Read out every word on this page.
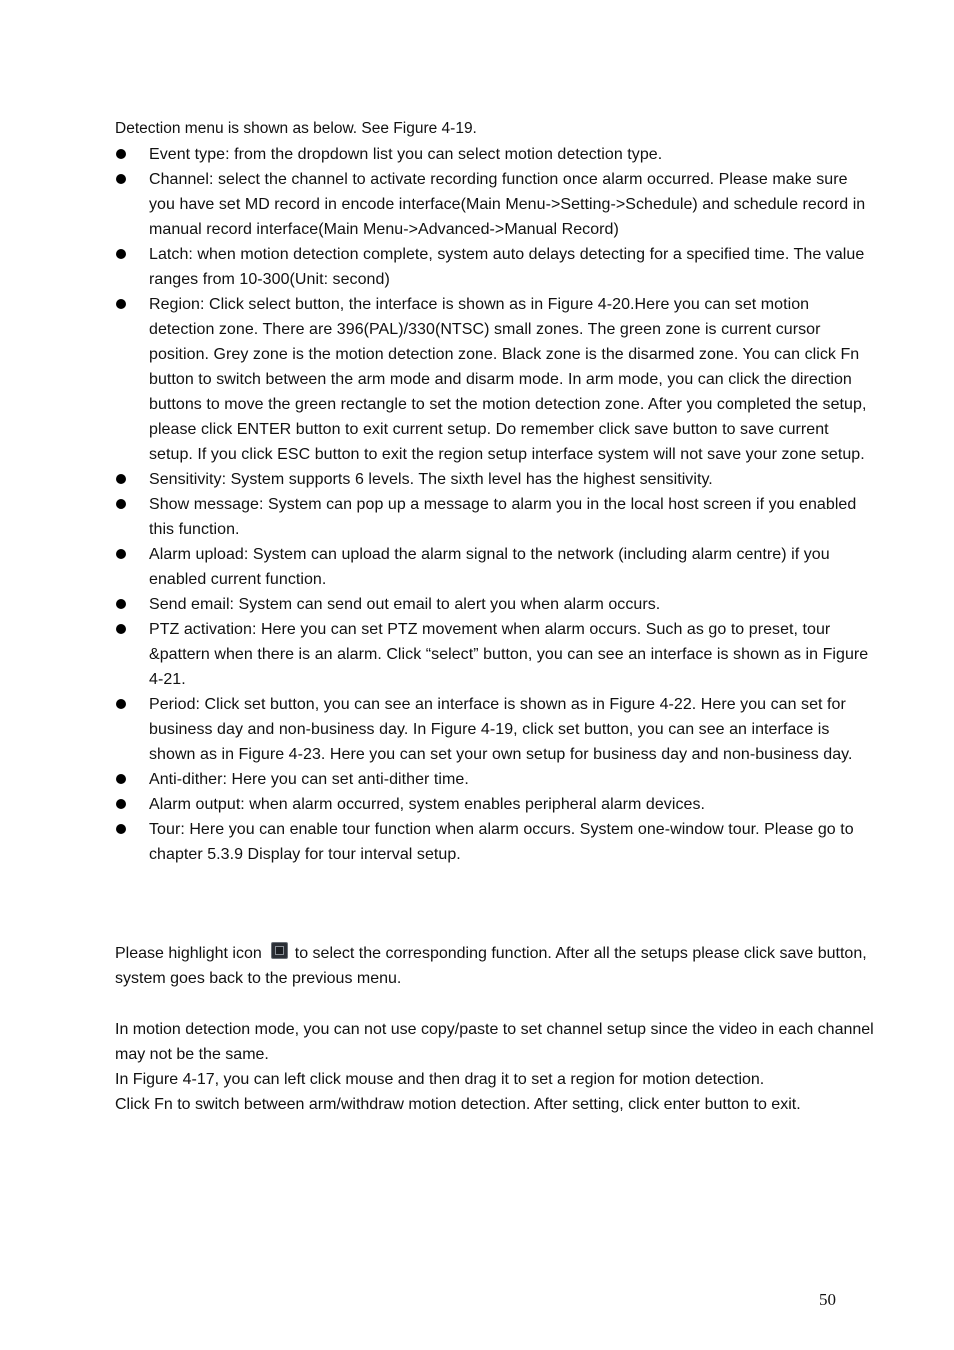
Detection menu is shown as below. See Figure 4-19.

Event type: from the dropdown list you can select motion detection type.
Channel: select the channel to activate recording function once alarm occurred. Please make sure you have set MD record in encode interface(Main Menu->Setting->Schedule) and schedule record in manual record interface(Main Menu->Advanced->Manual Record)
Latch: when motion detection complete, system auto delays detecting for a specified time. The value ranges from 10-300(Unit: second)
Region: Click select button, the interface is shown as in Figure 4-20.Here you can set motion detection zone. There are 396(PAL)/330(NTSC) small zones. The green zone is current cursor position. Grey zone is the motion detection zone. Black zone is the disarmed zone. You can click Fn button to switch between the arm mode and disarm mode. In arm mode, you can click the direction buttons to move the green rectangle to set the motion detection zone. After you completed the setup, please click ENTER button to exit current setup. Do remember click save button to save current setup. If you click ESC button to exit the region setup interface system will not save your zone setup.
Sensitivity: System supports 6 levels. The sixth level has the highest sensitivity.
Show message: System can pop up a message to alarm you in the local host screen if you enabled this function.
Alarm upload: System can upload the alarm signal to the network (including alarm centre) if you enabled current function.
Send email: System can send out email to alert you when alarm occurs.
PTZ activation: Here you can set PTZ movement when alarm occurs. Such as go to preset, tour &pattern when there is an alarm. Click “select” button, you can see an interface is shown as in Figure 4-21.
Period: Click set button, you can see an interface is shown as in Figure 4-22. Here you can set for business day and non-business day. In Figure 4-19, click set button, you can see an interface is shown as in Figure 4-23. Here you can set your own setup for business day and non-business day.
Anti-dither: Here you can set anti-dither time.
Alarm output: when alarm occurred, system enables peripheral alarm devices.
Tour: Here you can enable tour function when alarm occurs. System one-window tour. Please go to chapter 5.3.9 Display for tour interval setup.

Please highlight icon to select the corresponding function. After all the setups please click save button, system goes back to the previous menu.

In motion detection mode, you can not use copy/paste to set channel setup since the video in each channel may not be the same.
In Figure 4-17, you can left click mouse and then drag it to set a region for motion detection.
Click Fn to switch between arm/withdraw motion detection. After setting, click enter button to exit.

50
